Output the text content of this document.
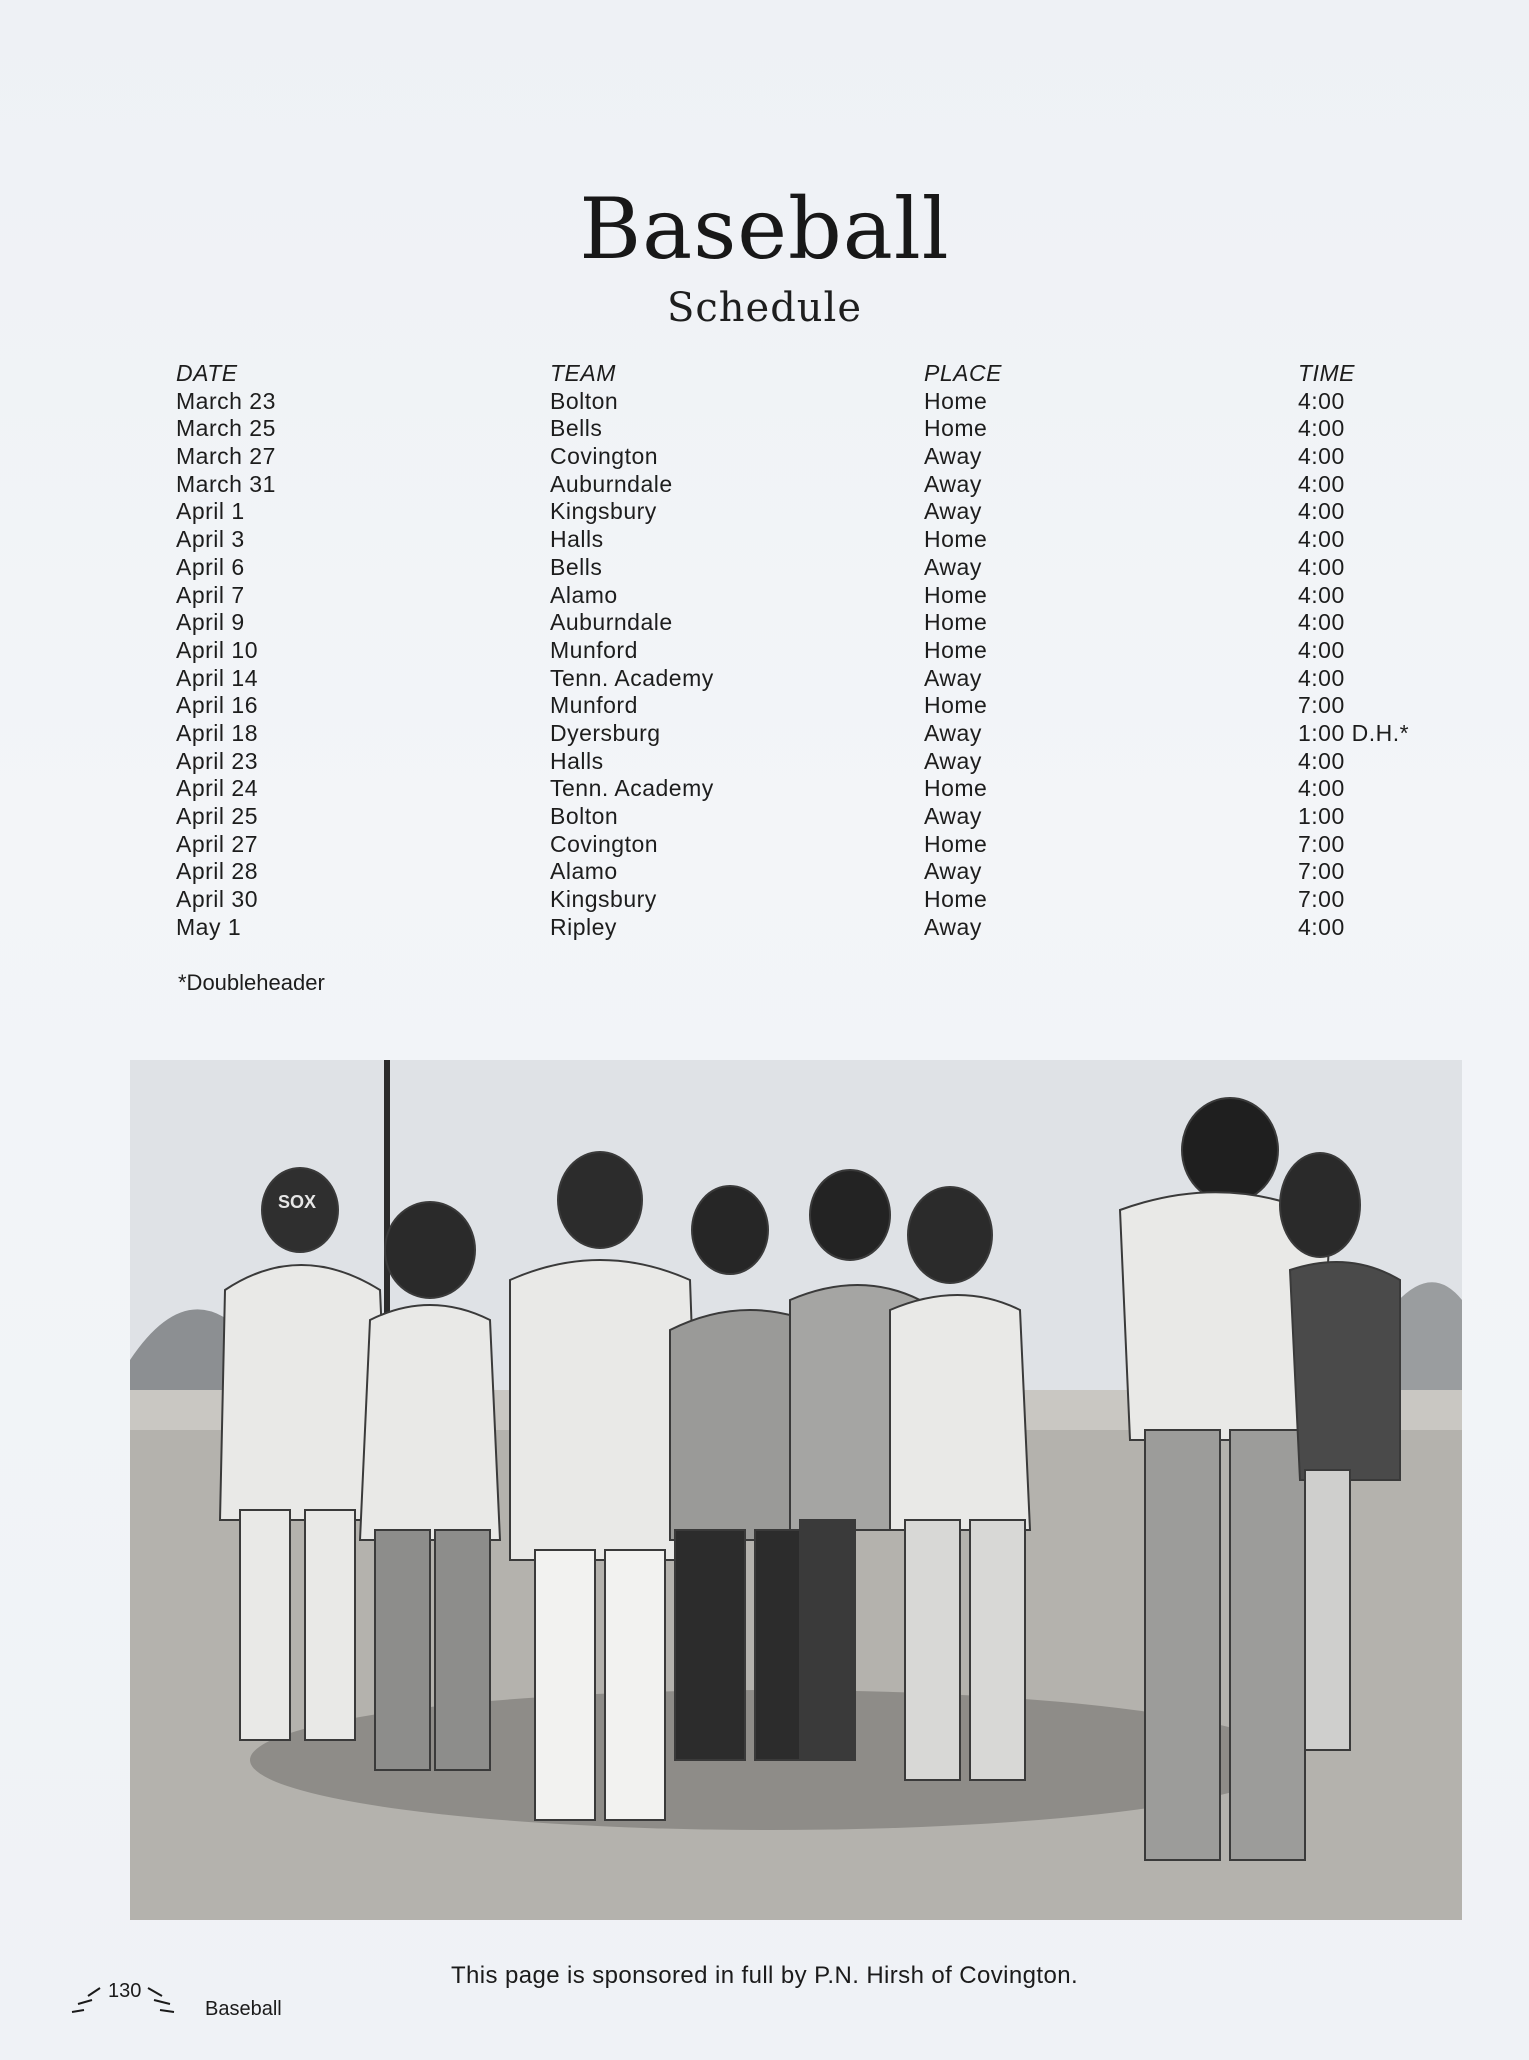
Baseball
Schedule
DATE	TEAM	PLACE	TIME
March 23	Bolton	Home	4:00
March 25	Bells	Home	4:00
March 27	Covington	Away	4:00
March 31	Auburndale	Away	4:00
April 1	Kingsbury	Away	4:00
April 3	Halls	Home	4:00
April 6	Bells	Away	4:00
April 7	Alamo	Home	4:00
April 9	Auburndale	Home	4:00
April 10	Munford	Home	4:00
April 14	Tenn. Academy	Away	4:00
April 16	Munford	Home	7:00
April 18	Dyersburg	Away	1:00 D.H.*
April 23	Halls	Away	4:00
April 24	Tenn. Academy	Home	4:00
April 25	Bolton	Away	1:00
April 27	Covington	Home	7:00
April 28	Alamo	Away	7:00
April 30	Kingsbury	Home	7:00
May 1	Ripley	Away	4:00
*Doubleheader
SOX
This page is sponsored in full by P.N. Hirsh of Covington.
130
Baseball
